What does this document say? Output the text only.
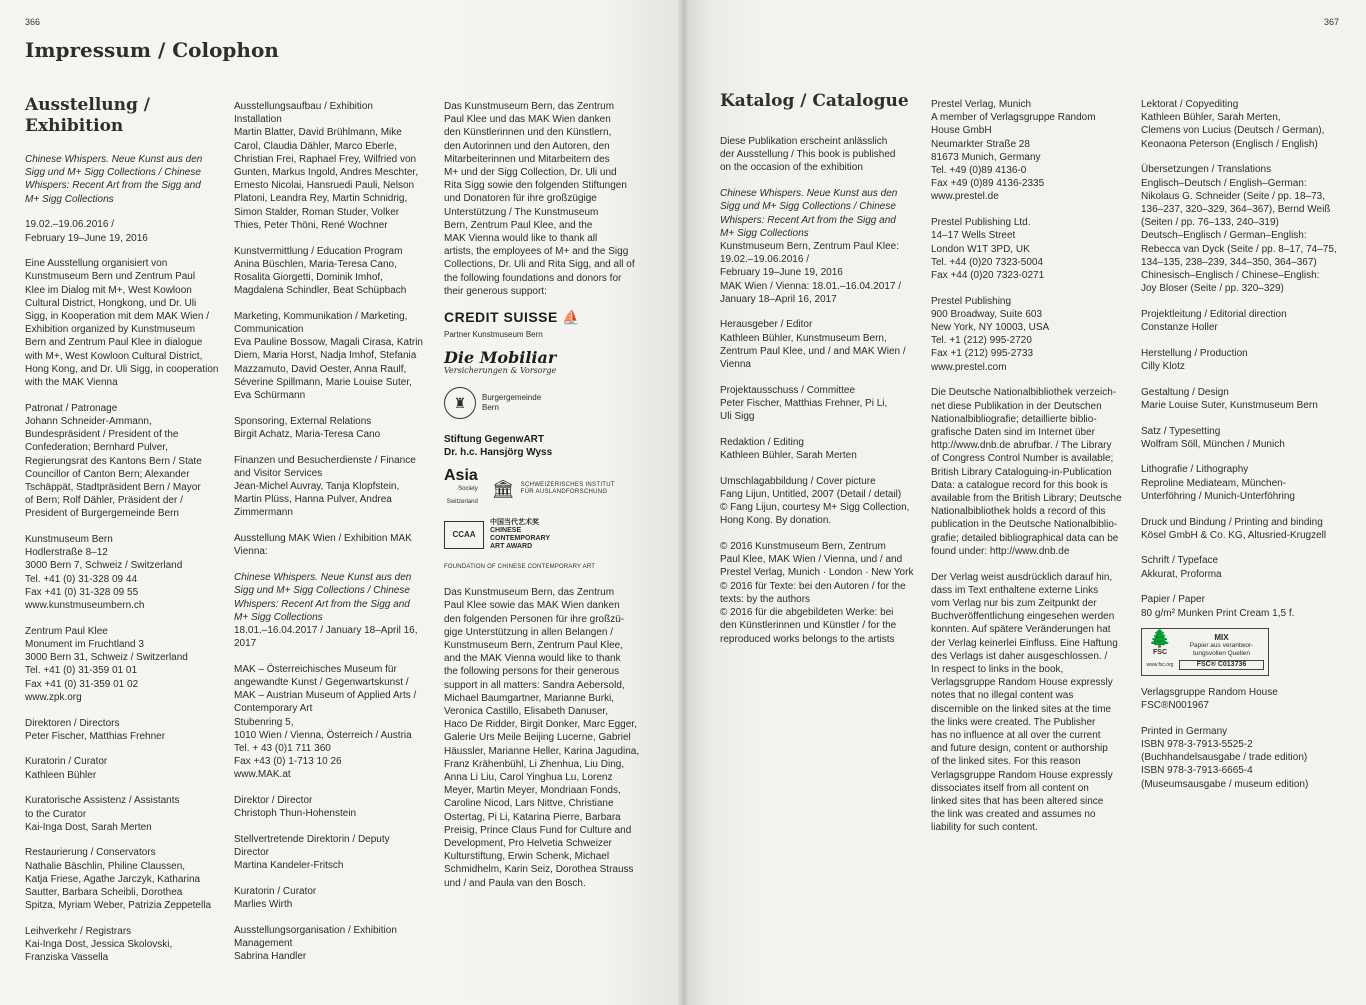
366
Impressum / Colophon
Ausstellung /
Exhibition

Chinese Whispers. Neue Kunst aus den
Sigg und M+ Sigg Collections / Chinese
Whispers: Recent Art from the Sigg and
M+ Sigg Collections

19.02.–19.06.2016 /
February 19–June 19, 2016

Eine Ausstellung organisiert von
Kunstmuseum Bern und Zentrum Paul
Klee im Dialog mit M+, West Kowloon
Cultural District, Hongkong, und Dr. Uli
Sigg, in Kooperation mit dem MAK Wien /
Exhibition organized by Kunstmuseum
Bern and Zentrum Paul Klee in dialogue
with M+, West Kowloon Cultural District,
Hong Kong, and Dr. Uli Sigg, in cooperation
with the MAK Vienna

Patronat / Patronage
Johann Schneider-Ammann,
Bundespräsident / President of the
Confederation; Bernhard Pulver,
Regierungsrat des Kantons Bern / State
Councillor of Canton Bern; Alexander
Tschäppät, Stadtpräsident Bern / Mayor
of Bern; Rolf Dähler, Präsident der /
President of Burgergemeinde Bern

Kunstmuseum Bern
Hodlerstraße 8–12
3000 Bern 7, Schweiz / Switzerland
Tel. +41 (0) 31-328 09 44
Fax +41 (0) 31-328 09 55
www.kunstmuseumbern.ch

Zentrum Paul Klee
Monument im Fruchtland 3
3000 Bern 31, Schweiz / Switzerland
Tel. +41 (0) 31-359 01 01
Fax +41 (0) 31-359 01 02
www.zpk.org

Direktoren / Directors
Peter Fischer, Matthias Frehner

Kuratorin / Curator
Kathleen Bühler

Kuratorische Assistenz / Assistants
to the Curator
Kai-Inga Dost, Sarah Merten

Restaurierung / Conservators
Nathalie Bäschlin, Philine Claussen,
Katja Friese, Agathe Jarczyk, Katharina
Sautter, Barbara Scheibli, Dorothea
Spitza, Myriam Weber, Patrizia Zeppetella

Leihverkehr / Registrars
Kai-Inga Dost, Jessica Skolovski,
Franziska Vassella

Ausstellungsaufbau / Exhibition
Installation
Martin Blatter, David Brühlmann, Mike
Carol, Claudia Dähler, Marco Eberle,
Christian Frei, Raphael Frey, Wilfried von
Gunten, Markus Ingold, Andres Meschter,
Ernesto Nicolai, Hansruedi Pauli, Nelson
Platoni, Leandra Rey, Martin Schnidrig,
Simon Stalder, Roman Studer, Volker
Thies, Peter Thöni, René Wochner

Kunstvermittlung / Education Program
Anina Büschlen, Maria-Teresa Cano,
Rosalita Giorgetti, Dominik Imhof,
Magdalena Schindler, Beat Schüpbach

Marketing, Kommunikation / Marketing,
Communication
Eva Pauline Bossow, Magali Cirasa, Katrin
Diem, Maria Horst, Nadja Imhof, Stefania
Mazzamuto, David Oester, Anna Raulf,
Séverine Spillmann, Marie Louise Suter,
Eva Schürmann

Sponsoring, External Relations
Birgit Achatz, Maria-Teresa Cano

Finanzen und Besucherdienste / Finance
and Visitor Services
Jean-Michel Auvray, Tanja Klopfstein,
Martin Plüss, Hanna Pulver, Andrea
Zimmermann

Ausstellung MAK Wien / Exhibition MAK
Vienna:

Chinese Whispers. Neue Kunst aus den
Sigg und M+ Sigg Collections / Chinese
Whispers: Recent Art from the Sigg and
M+ Sigg Collections

18.01.–16.04.2017 / January 18–April 16,
2017

MAK – Österreichisches Museum für
angewandte Kunst / Gegenwartskunst /
MAK – Austrian Museum of Applied Arts /
Contemporary Art
Stubenring 5,
1010 Wien / Vienna, Österreich / Austria
Tel. + 43 (0)1 711 360
Fax +43 (0) 1-713 10 26
www.MAK.at

Direktor / Director
Christoph Thun-Hohenstein

Stellvertretende Direktorin / Deputy
Director
Martina Kandeler-Fritsch

Kuratorin / Curator
Marlies Wirth

Ausstellungsorganisation / Exhibition
Management
Sabrina Handler

Das Kunstmuseum Bern, das Zentrum
Paul Klee und das MAK Wien danken
den Künstlerinnen und den Künstlern,
den Autorinnen und den Autoren, den
Mitarbeiterinnen und Mitarbeitern des
M+ und der Sigg Collection, Dr. Uli und
Rita Sigg sowie den folgenden Stiftungen
und Donatoren für ihre großzügige
Unterstützung / The Kunstmuseum
Bern, Zentrum Paul Klee, and the
MAK Vienna would like to thank all
artists, the employees of M+ and the Sigg
Collections, Dr. Uli and Rita Sigg, and all of
the following foundations and donors for
their generous support:

CREDIT SUISSE ⛵
Partner Kunstmuseum Bern
Die Mobiliar
Versicherungen & Vorsorge
♜	Burgergemeinde
Bern
Stiftung GegenwART
Dr. h.c. Hansjörg Wyss
Asia
Society
Switzerland
🏛 SCHWEIZERISCHES INSTITUT
FÜR AUSLANDFORSCHUNG
CCAA
中国当代艺术奖
CHINESE
CONTEMPORARY
ART AWARD
FOUNDATION OF CHINESE CONTEMPORARY ART

Das Kunstmuseum Bern, das Zentrum
Paul Klee sowie das MAK Wien danken
den folgenden Personen für ihre großzü-
gige Unterstützung in allen Belangen /
Kunstmuseum Bern, Zentrum Paul Klee,
and the MAK Vienna would like to thank
the following persons for their generous
support in all matters: Sandra Aebersold,
Michael Baumgartner, Marianne Burki,
Veronica Castillo, Elisabeth Danuser,
Haco De Ridder, Birgit Donker, Marc Egger,
Galerie Urs Meile Beijing Lucerne, Gabriel
Häussler, Marianne Heller, Karina Jagudina,
Franz Krähenbühl, Li Zhenhua, Liu Ding,
Anna Li Liu, Carol Yinghua Lu, Lorenz
Meyer, Martin Meyer, Mondriaan Fonds,
Caroline Nicod, Lars Nittve, Christiane
Ostertag, Pi Li, Katarina Pierre, Barbara
Preisig, Prince Claus Fund for Culture and
Development, Pro Helvetia Schweizer
Kulturstiftung, Erwin Schenk, Michael
Schmidhelm, Karin Seiz, Dorothea Strauss
und / and Paula van den Bosch.

367
Katalog / Catalogue

Diese Publikation erscheint anlässlich
der Ausstellung / This book is published
on the occasion of the exhibition

Chinese Whispers. Neue Kunst aus den
Sigg und M+ Sigg Collections / Chinese
Whispers: Recent Art from the Sigg and
M+ Sigg Collections

Kunstmuseum Bern, Zentrum Paul Klee:
19.02.–19.06.2016 /
February 19–June 19, 2016
MAK Wien / Vienna: 18.01.–16.04.2017 /
January 18–April 16, 2017

Herausgeber / Editor
Kathleen Bühler, Kunstmuseum Bern,
Zentrum Paul Klee, und / and MAK Wien /
Vienna

Projektausschuss / Committee
Peter Fischer, Matthias Frehner, Pi Li,
Uli Sigg

Redaktion / Editing
Kathleen Bühler, Sarah Merten

Umschlagabbildung / Cover picture
Fang Lijun, Untitled, 2007 (Detail / detail)
© Fang Lijun, courtesy M+ Sigg Collection,
Hong Kong. By donation.

© 2016 Kunstmuseum Bern, Zentrum
Paul Klee, MAK Wien / Vienna, und / and
Prestel Verlag, Munich · London · New York
© 2016 für Texte: bei den Autoren / for the
texts: by the authors
© 2016 für die abgebildeten Werke: bei
den Künstlerinnen und Künstler / for the
reproduced works belongs to the artists

Prestel Verlag, Munich
A member of Verlagsgruppe Random
House GmbH
Neumarkter Straße 28
81673 Munich, Germany
Tel. +49 (0)89 4136-0
Fax +49 (0)89 4136-2335
www.prestel.de

Prestel Publishing Ltd.
14–17 Wells Street
London W1T 3PD, UK
Tel. +44 (0)20 7323-5004
Fax +44 (0)20 7323-0271

Prestel Publishing
900 Broadway, Suite 603
New York, NY 10003, USA
Tel. +1 (212) 995-2720
Fax +1 (212) 995-2733
www.prestel.com

Die Deutsche Nationalbibliothek verzeich-
net diese Publikation in der Deutschen
Nationalbibliografie; detaillierte biblio-
grafische Daten sind im Internet über
http://www.dnb.de abrufbar. / The Library
of Congress Control Number is available;
British Library Cataloguing-in-Publication
Data: a catalogue record for this book is
available from the British Library; Deutsche
Nationalbibliothek holds a record of this
publication in the Deutsche Nationalbiblio-
grafie; detailed bibliographical data can be
found under: http://www.dnb.de

Der Verlag weist ausdrücklich darauf hin,
dass im Text enthaltene externe Links
vom Verlag nur bis zum Zeitpunkt der
Buchveröffentlichung eingesehen werden
konnten. Auf spätere Veränderungen hat
der Verlag keinerlei Einfluss. Eine Haftung
des Verlags ist daher ausgeschlossen. /
In respect to links in the book,
Verlagsgruppe Random House expressly
notes that no illegal content was
discernible on the linked sites at the time
the links were created. The Publisher
has no influence at all over the current
and future design, content or authorship
of the linked sites. For this reason
Verlagsgruppe Random House expressly
dissociates itself from all content on
linked sites that has been altered since
the link was created and assumes no
liability for such content.

Lektorat / Copyediting
Kathleen Bühler, Sarah Merten,
Clemens von Lucius (Deutsch / German),
Keonaona Peterson (Englisch / English)

Übersetzungen / Translations
Englisch–Deutsch / English–German:
Nikolaus G. Schneider (Seite / pp. 18–73,
136–237, 320–329, 364–367), Bernd Weiß
(Seiten / pp. 76–133, 240–319)
Deutsch–Englisch / German–English:
Rebecca van Dyck (Seite / pp. 8–17, 74–75,
134–135, 238–239, 344–350, 364–367)
Chinesisch–Englisch / Chinese–English:
Joy Bloser (Seite / pp. 320–329)

Projektleitung / Editorial direction
Constanze Holler

Herstellung / Production
Cilly Klotz

Gestaltung / Design
Marie Louise Suter, Kunstmuseum Bern

Satz / Typesetting
Wolfram Söll, München / Munich

Lithografie / Lithography
Reproline Mediateam, München-
Unterföhring / Munich-Unterföhring

Druck und Bindung / Printing and binding
Kösel GmbH & Co. KG, Altusried-Krugzell

Schrift / Typeface
Akkurat, Proforma

Papier / Paper
80 g/m² Munken Print Cream 1,5 f.

🌲
FSC
www.fsc.org
MIX
Papier aus verantwor-
tungsvollen Quellen
FSC® C013736

Verlagsgruppe Random House
FSC®N001967

Printed in Germany
ISBN 978-3-7913-5525-2
(Buchhandelsausgabe / trade edition)
ISBN 978-3-7913-6665-4
(Museumsausgabe / museum edition)
